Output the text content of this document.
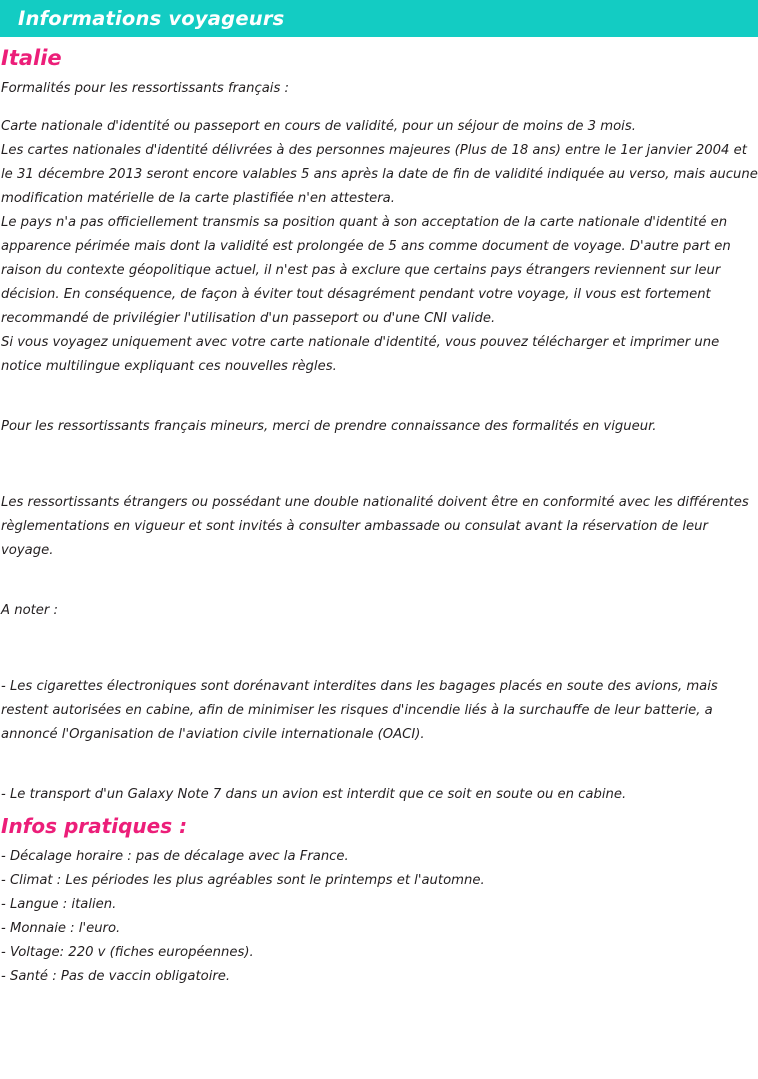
Informations voyageurs
Italie

Formalités pour les ressortissants français :

Carte nationale d'identité ou passeport en cours de validité, pour un séjour de moins de 3 mois.

Les cartes nationales d'identité délivrées à des personnes majeures (Plus de 18 ans) entre le 1er janvier 2004 et le 31 décembre 2013 seront encore valables 5 ans après la date de fin de validité indiquée au verso, mais aucune modification matérielle de la carte plastifiée n'en attestera.

Le pays n'a pas officiellement transmis sa position quant à son acceptation de la carte nationale d'identité en apparence périmée mais dont la validité est prolongée de 5 ans comme document de voyage. D'autre part en raison du contexte géopolitique actuel, il n'est pas à exclure que certains pays étrangers reviennent sur leur décision. En conséquence, de façon à éviter tout désagrément pendant votre voyage, il vous est fortement recommandé de privilégier l'utilisation d'un passeport ou d'une CNI valide.

Si vous voyagez uniquement avec votre carte nationale d'identité, vous pouvez télécharger et imprimer une notice multilingue expliquant ces nouvelles règles.

Pour les ressortissants français mineurs, merci de prendre connaissance des formalités en vigueur.

Les ressortissants étrangers ou possédant une double nationalité doivent être en conformité avec les différentes règlementations en vigueur et sont invités à consulter ambassade ou consulat avant la réservation de leur voyage.

A noter :

- Les cigarettes électroniques sont dorénavant interdites dans les bagages placés en soute des avions, mais restent autorisées en cabine, afin de minimiser les risques d'incendie liés à la surchauffe de leur batterie, a annoncé l'Organisation de l'aviation civile internationale (OACI).

- Le transport d'un Galaxy Note 7 dans un avion est interdit que ce soit en soute ou en cabine.

Infos pratiques :

- Décalage horaire : pas de décalage avec la France.

- Climat : Les périodes les plus agréables sont le printemps et l'automne.

- Langue : italien.

- Monnaie : l'euro.

- Voltage: 220 v (fiches européennes).

- Santé : Pas de vaccin obligatoire.
